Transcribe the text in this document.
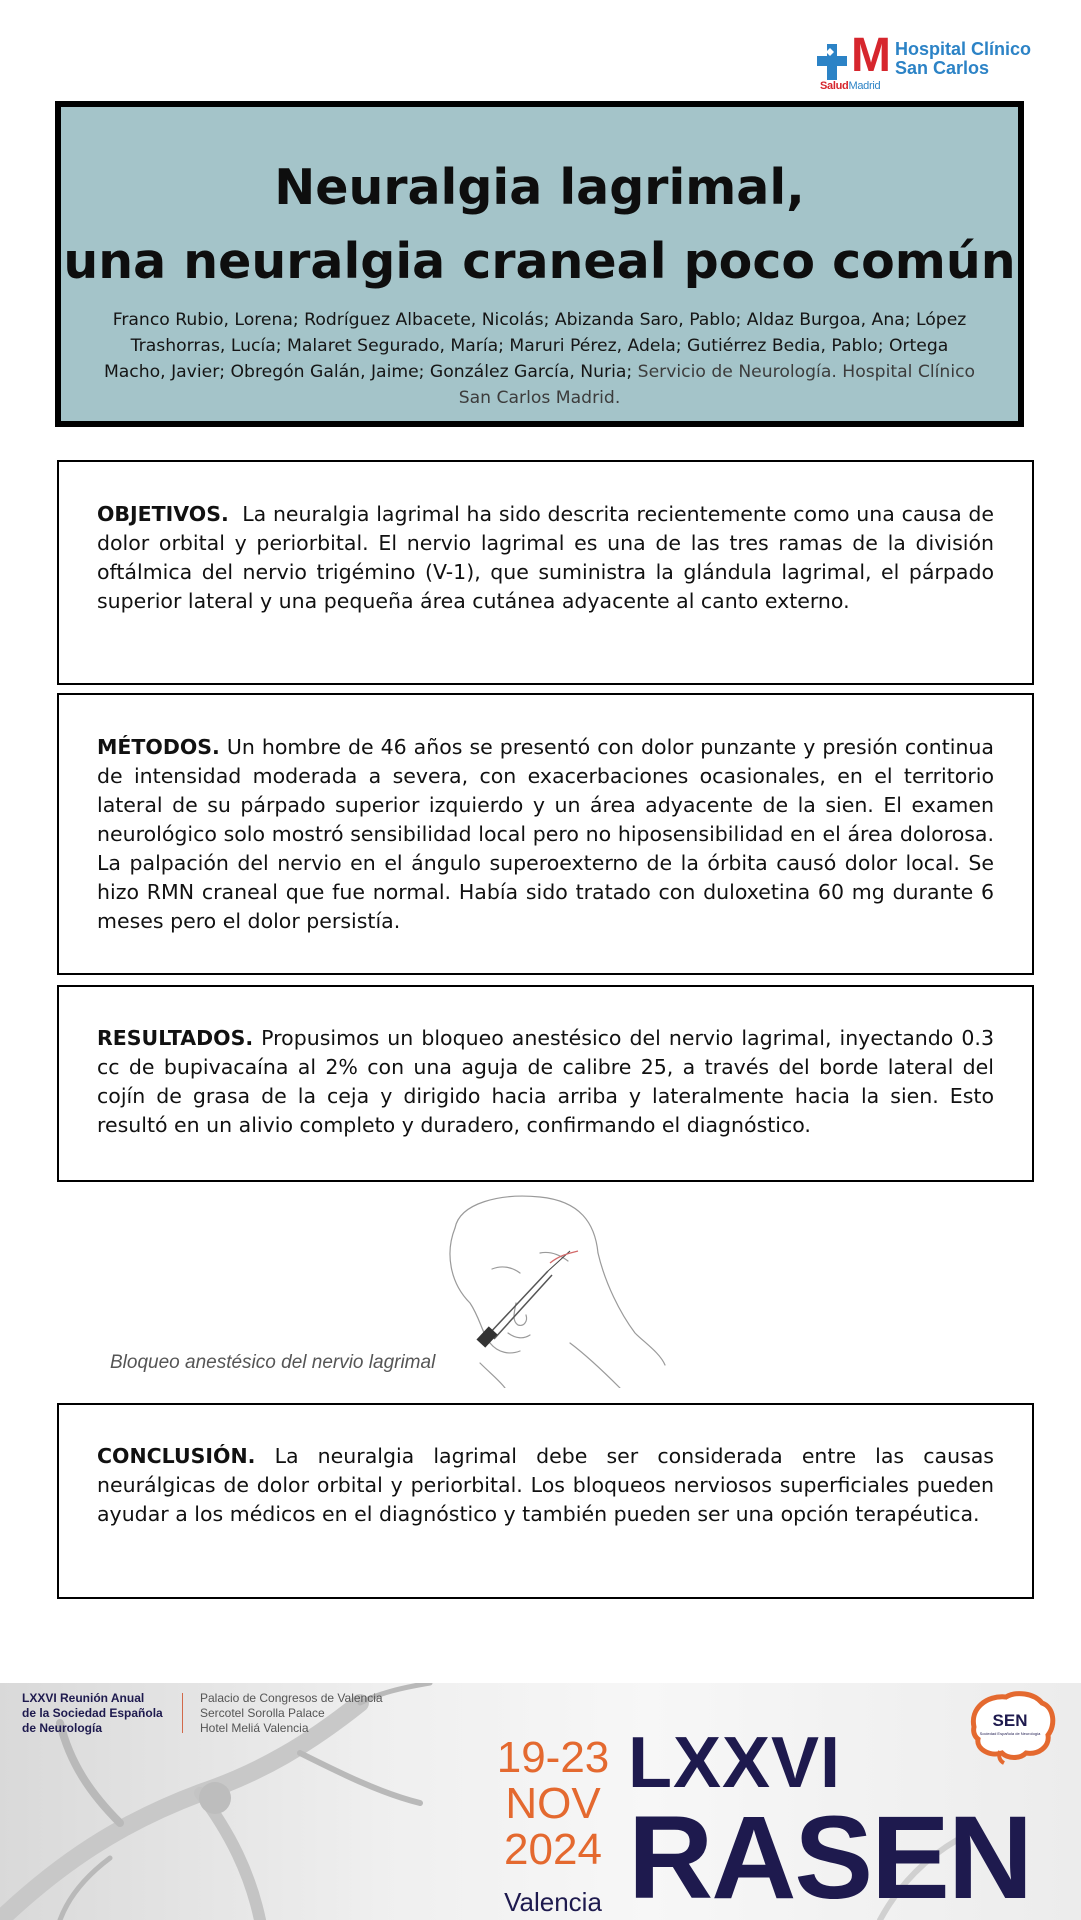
M Hospital Clínico
San Carlos
SaludMadrid
Neuralgia lagrimal,
una neuralgia craneal poco común

Franco Rubio, Lorena; Rodríguez Albacete, Nicolás; Abizanda Saro, Pablo; Aldaz Burgoa, Ana; López Trashorras, Lucía; Malaret Segurado, María; Maruri Pérez, Adela; Gutiérrez Bedia, Pablo; Ortega Macho, Javier; Obregón Galán, Jaime; González García, Nuria; Servicio de Neurología. Hospital Clínico San Carlos Madrid.

OBJETIVOS. La neuralgia lagrimal ha sido descrita recientemente como una causa de dolor orbital y periorbital. El nervio lagrimal es una de las tres ramas de la división oftálmica del nervio trigémino (V-1), que suministra la glándula lagrimal, el párpado superior lateral y una pequeña área cutánea adyacente al canto externo.

MÉTODOS. Un hombre de 46 años se presentó con dolor punzante y presión continua de intensidad moderada a severa, con exacerbaciones ocasionales, en el territorio lateral de su párpado superior izquierdo y un área adyacente de la sien. El examen neurológico solo mostró sensibilidad local pero no hiposensibilidad en el área dolorosa. La palpación del nervio en el ángulo superoexterno de la órbita causó dolor local. Se hizo RMN craneal que fue normal. Había sido tratado con duloxetina 60 mg durante 6 meses pero el dolor persistía.

RESULTADOS. Propusimos un bloqueo anestésico del nervio lagrimal, inyectando 0.3 cc de bupivacaína al 2% con una aguja de calibre 25, a través del borde lateral del cojín de grasa de la ceja y dirigido hacia arriba y lateralmente hacia la sien. Esto resultó en un alivio completo y duradero, confirmando el diagnóstico.

Bloqueo anestésico del nervio lagrimal

CONCLUSIÓN. La neuralgia lagrimal debe ser considerada entre las causas neurálgicas de dolor orbital y periorbital. Los bloqueos nerviosos superficiales pueden ayudar a los médicos en el diagnóstico y también pueden ser una opción terapéutica.

LXXVI Reunión Anual
de la Sociedad Española
de Neurología
Palacio de Congresos de Valencia
Sercotel Sorolla Palace
Hotel Meliá Valencia
19-23
NOV
2024
Valencia
LXXVI
RASEN
SEN
Sociedad Española de Neurología
